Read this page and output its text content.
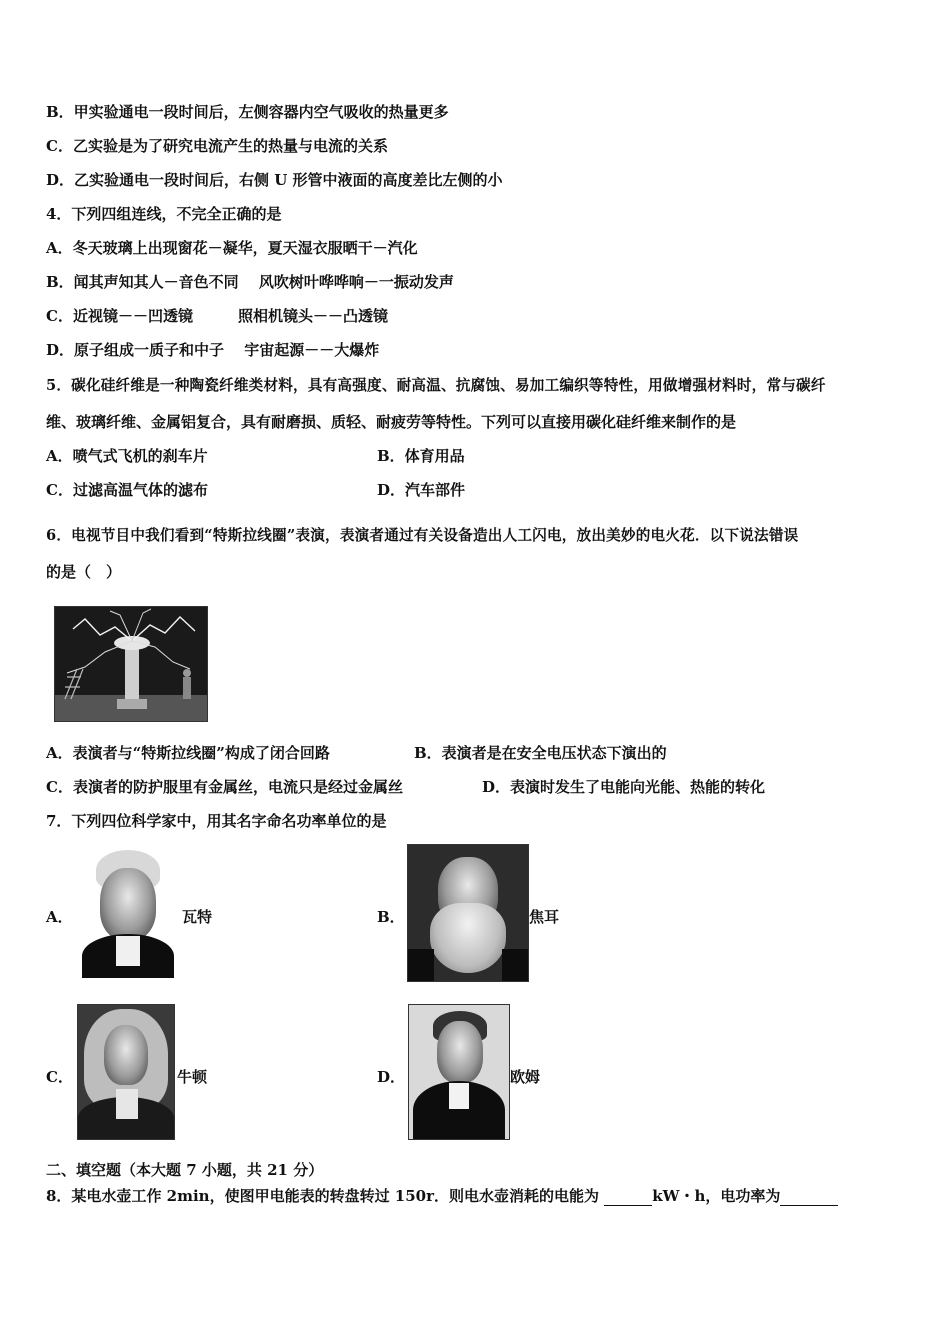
B．甲实验通电一段时间后，左侧容器内空气吸收的热量更多
C．乙实验是为了研究电流产生的热量与电流的关系
D．乙实验通电一段时间后，右侧 U 形管中液面的高度差比左侧的小
4．下列四组连线，不完全正确的是
A．冬天玻璃上出现窗花－凝华，夏天湿衣服晒干－汽化
B．闻其声知其人－音色不同　 风吹树叶哗哗响－一振动发声
C．近视镜－－凹透镜　　　照相机镜头－－凸透镜
D．原子组成一质子和中子　 宇宙起源－－大爆炸
5．碳化硅纤维是一种陶瓷纤维类材料，具有高强度、耐高温、抗腐蚀、易加工编织等特性，用做增强材料时，常与碳纤
维、玻璃纤维、金属铝复合，具有耐磨损、质轻、耐疲劳等特性。下列可以直接用碳化硅纤维来制作的是
A．喷气式飞机的刹车片	B．体育用品
C．过滤高温气体的滤布	D．汽车部件
6．电视节目中我们看到“特斯拉线圈”表演，表演者通过有关设备造出人工闪电，放出美妙的电火花．以下说法错误
的是（　）
A．表演者与“特斯拉线圈”构成了闭合回路	B．表演者是在安全电压状态下演出的
C．表演者的防护服里有金属丝，电流只是经过金属丝	D．表演时发生了电能向光能、热能的转化
7．下列四位科学家中，用其名字命名功率单位的是
A．	瓦特	B．	焦耳
C．	牛顿	D．	欧姆
二、填空题（本大题 7 小题，共 21 分）
8．某电水壶工作 2min，使图甲电能表的转盘转过 150r．则电水壶消耗的电能为	kW・h，电功率为
